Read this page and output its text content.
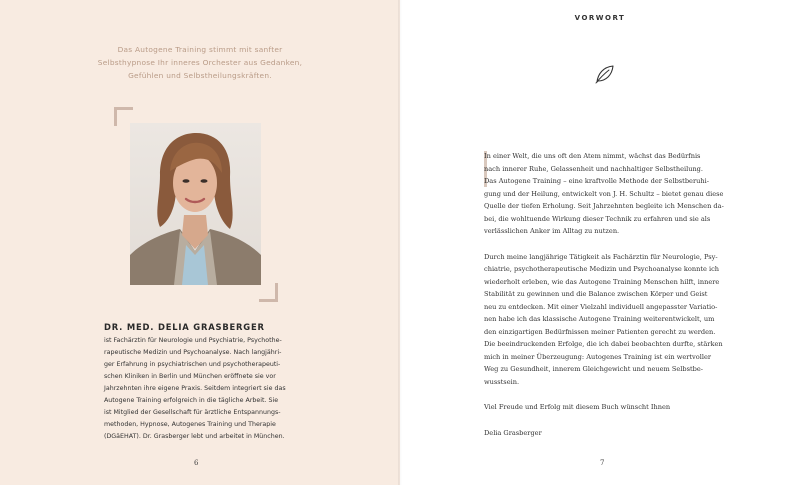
Das Autogene Training stimmt mit sanfter Selbsthypnose Ihr inneres Orchester aus Gedanken, Gefühlen und Selbstheilungskräften.
DR. MED. DELIA GRASBERGER
ist Fachärztin für Neurologie und Psychiatrie, Psychothe-
rapeutische Medizin und Psychoanalyse. Nach langjähri-
ger Erfahrung in psychiatrischen und psychotherapeuti-
schen Kliniken in Berlin und München eröffnete sie vor
Jahrzehnten ihre eigene Praxis. Seitdem integriert sie das
Autogene Training erfolgreich in die tägliche Arbeit. Sie
ist Mitglied der Gesellschaft für ärztliche Entspannungs-
methoden, Hypnose, Autogenes Training und Therapie
(DGäEHAT). Dr. Grasberger lebt und arbeitet in München.
6
VORWORT
In einer Welt, die uns oft den Atem nimmt, wächst das Bedürfnis
nach innerer Ruhe, Gelassenheit und nachhaltiger Selbstheilung.
Das Autogene Training – eine kraftvolle Methode der Selbstberuhi-
gung und der Heilung, entwickelt von J. H. Schultz – bietet genau diese
Quelle der tiefen Erholung. Seit Jahrzehnten begleite ich Menschen da-
bei, die wohltuende Wirkung dieser Technik zu erfahren und sie als
verlässlichen Anker im Alltag zu nutzen.
Durch meine langjährige Tätigkeit als Fachärztin für Neurologie, Psy-
chiatrie, psychotherapeutische Medizin und Psychoanalyse konnte ich
wiederholt erleben, wie das Autogene Training Menschen hilft, innere
Stabilität zu gewinnen und die Balance zwischen Körper und Geist
neu zu entdecken. Mit einer Vielzahl individuell angepasster Variatio-
nen habe ich das klassische Autogene Training weiterentwickelt, um
den einzigartigen Bedürfnissen meiner Patienten gerecht zu werden.
Die beeindruckenden Erfolge, die ich dabei beobachten durfte, stärken
mich in meiner Überzeugung: Autogenes Training ist ein wertvoller
Weg zu Gesundheit, innerem Gleichgewicht und neuem Selbstbe-
wusstsein.
Viel Freude und Erfolg mit diesem Buch wünscht Ihnen
Delia Grasberger
7
